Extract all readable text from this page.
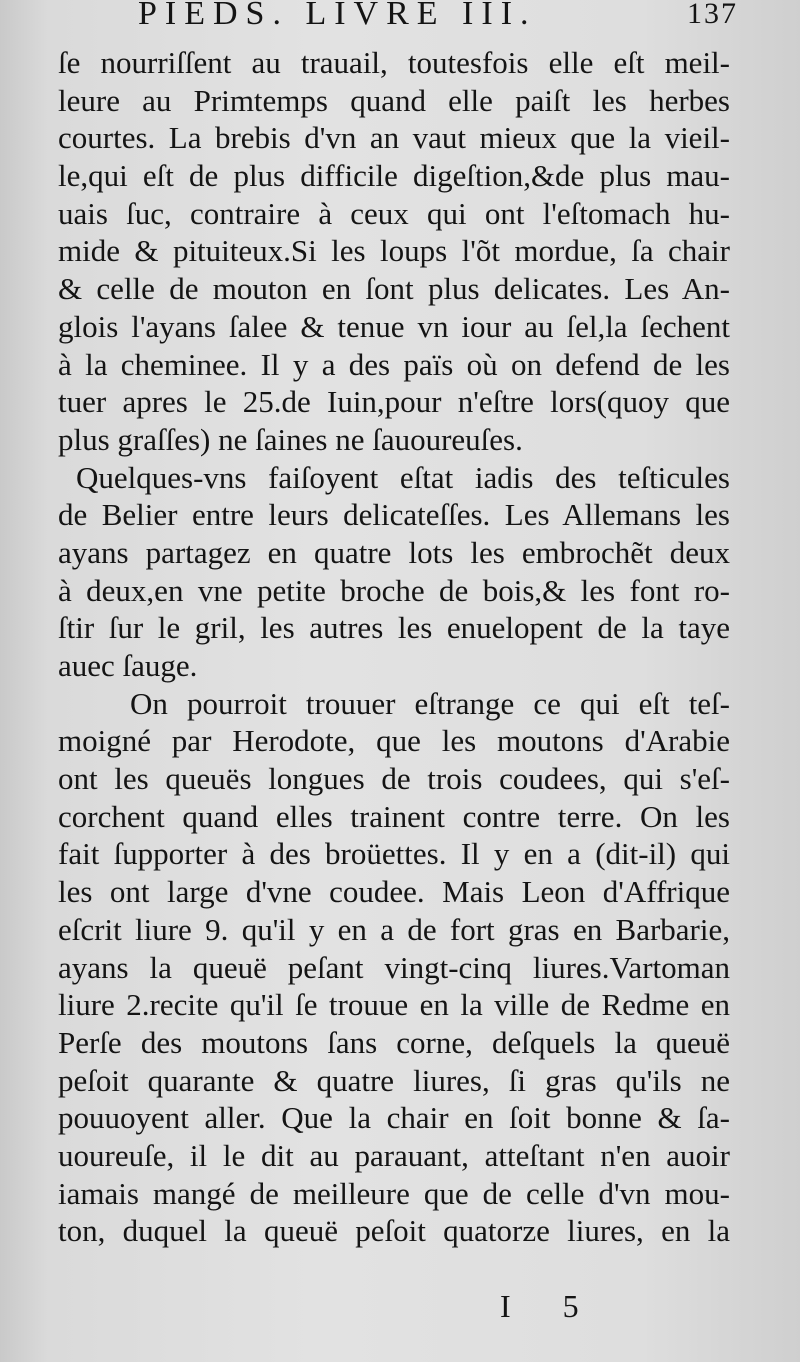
PIEDS. LIVRE III.	137
ſe nourriſſent au trauail, toutesfois elle eſt meil-
leure au Primtemps quand elle paiſt les herbes
courtes. La brebis d'vn an vaut mieux que la vieil-
le,qui eſt de plus difficile digeſtion,&de plus mau-
uais ſuc, contraire à ceux qui ont l'eſtomach hu-
mide & pituiteux.Si les loups l'õt mordue, ſa chair
& celle de mouton en ſont plus delicates. Les An-
glois l'ayans ſalee & tenue vn iour au ſel,la ſechent
à la cheminee. Il y a des païs où on defend de les
tuer apres le 25.de Iuin,pour n'eſtre lors(quoy que
plus graſſes) ne ſaines ne ſauoureuſes.
Quelques-vns faiſoyent eſtat iadis des teſticules
de Belier entre leurs delicateſſes. Les Allemans les
ayans partagez en quatre lots les embrochẽt deux
à deux,en vne petite broche de bois,& les font ro-
ſtir ſur le gril, les autres les enuelopent de la taye
auec ſauge.
On pourroit trouuer eſtrange ce qui eſt teſ-
moigné par Herodote, que les moutons d'Arabie
ont les queuës longues de trois coudees, qui s'eſ-
corchent quand elles trainent contre terre. On les
fait ſupporter à des broüettes. Il y en a (dit-il) qui
les ont large d'vne coudee. Mais Leon d'Affrique
eſcrit liure 9. qu'il y en a de fort gras en Barbarie,
ayans la queuë peſant vingt-cinq liures.Vartoman
liure 2.recite qu'il ſe trouue en la ville de Redme en
Perſe des moutons ſans corne, deſquels la queuë
peſoit quarante & quatre liures, ſi gras qu'ils ne
pouuoyent aller. Que la chair en ſoit bonne & ſa-
uoureuſe, il le dit au parauant, atteſtant n'en auoir
iamais mangé de meilleure que de celle d'vn mou-
ton, duquel la queuë peſoit quatorze liures, en la
I 5
